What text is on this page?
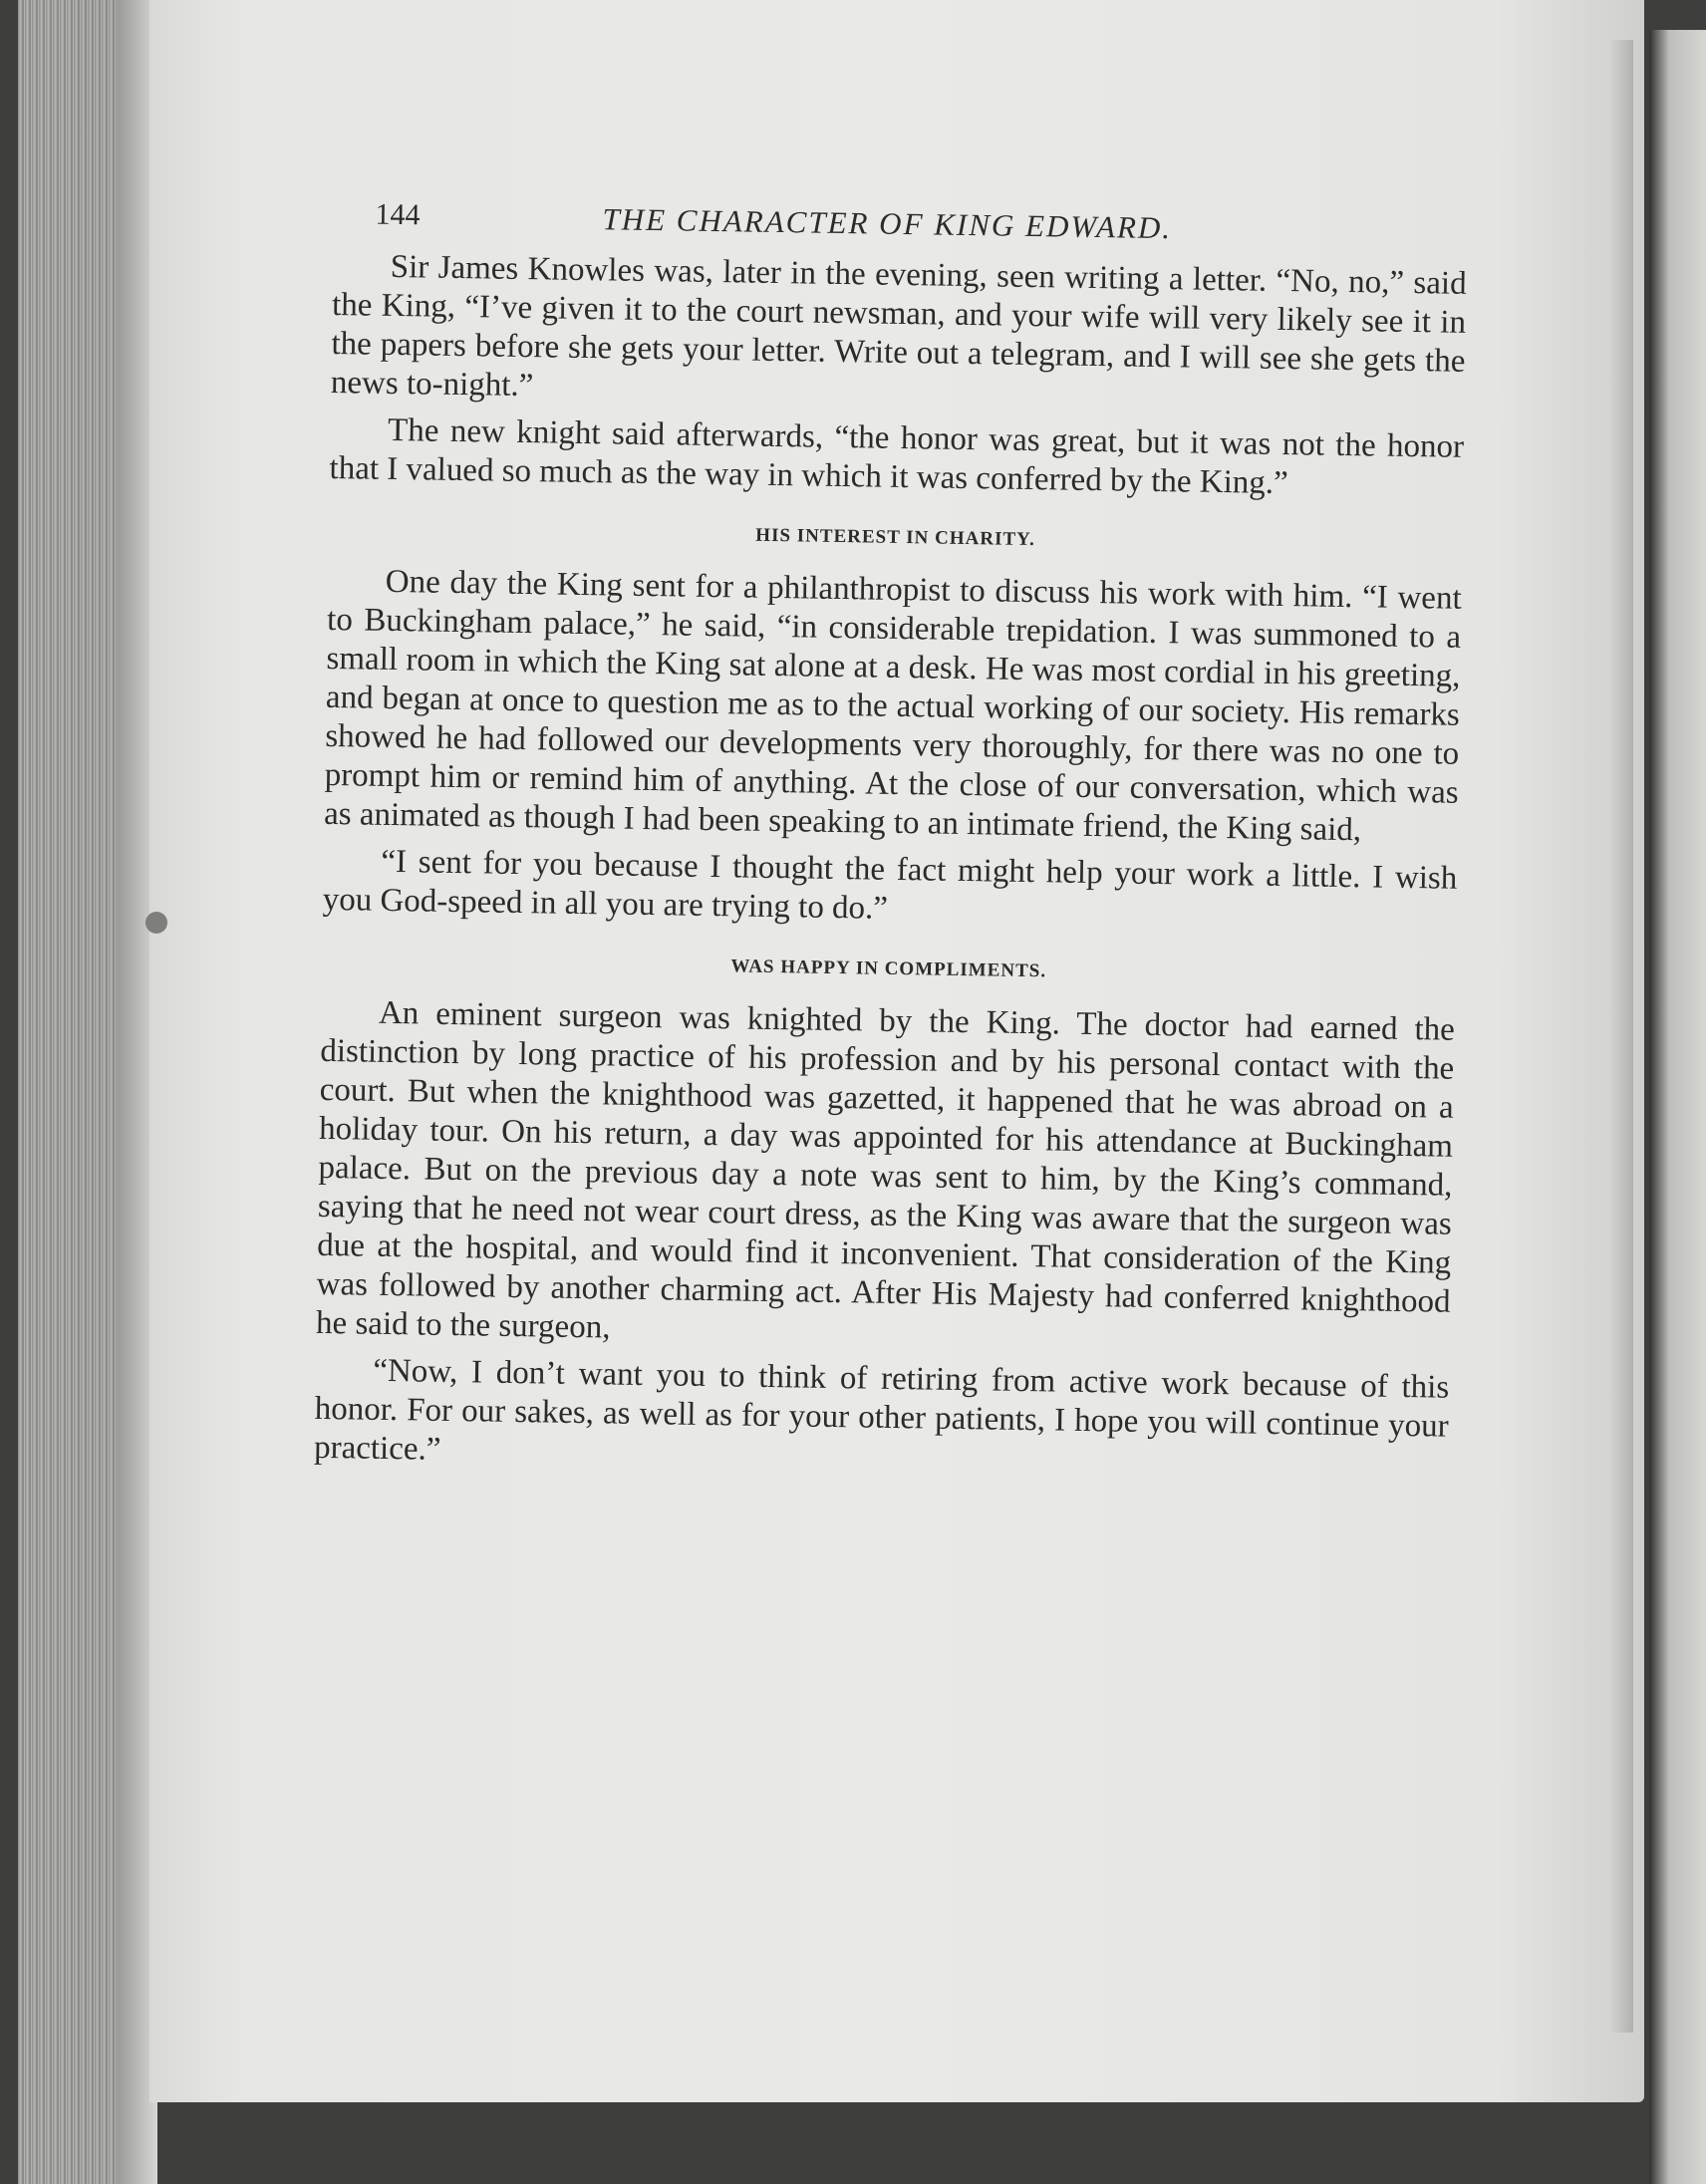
144	THE CHARACTER OF KING EDWARD.

Sir James Knowles was, later in the evening, seen writing a letter. “No, no,” said the King, “I’ve given it to the court newsman, and your wife will very likely see it in the papers before she gets your letter. Write out a telegram, and I will see she gets the news to-night.”

The new knight said afterwards, “the honor was great, but it was not the honor that I valued so much as the way in which it was conferred by the King.”

HIS INTEREST IN CHARITY.

One day the King sent for a philanthropist to discuss his work with him. “I went to Buckingham palace,” he said, “in considerable trepidation. I was summoned to a small room in which the King sat alone at a desk. He was most cordial in his greeting, and began at once to question me as to the actual working of our society. His remarks showed he had followed our developments very thoroughly, for there was no one to prompt him or remind him of anything. At the close of our conversation, which was as animated as though I had been speaking to an intimate friend, the King said,

“I sent for you because I thought the fact might help your work a little. I wish you God-speed in all you are trying to do.”

WAS HAPPY IN COMPLIMENTS.

An eminent surgeon was knighted by the King. The doctor had earned the distinction by long practice of his profession and by his personal contact with the court. But when the knighthood was gazetted, it happened that he was abroad on a holiday tour. On his return, a day was appointed for his attendance at Buckingham palace. But on the previous day a note was sent to him, by the King’s command, saying that he need not wear court dress, as the King was aware that the surgeon was due at the hospital, and would find it inconvenient. That consideration of the King was followed by another charming act. After His Majesty had conferred knighthood he said to the surgeon,

“Now, I don’t want you to think of retiring from active work because of this honor. For our sakes, as well as for your other patients, I hope you will continue your practice.”
